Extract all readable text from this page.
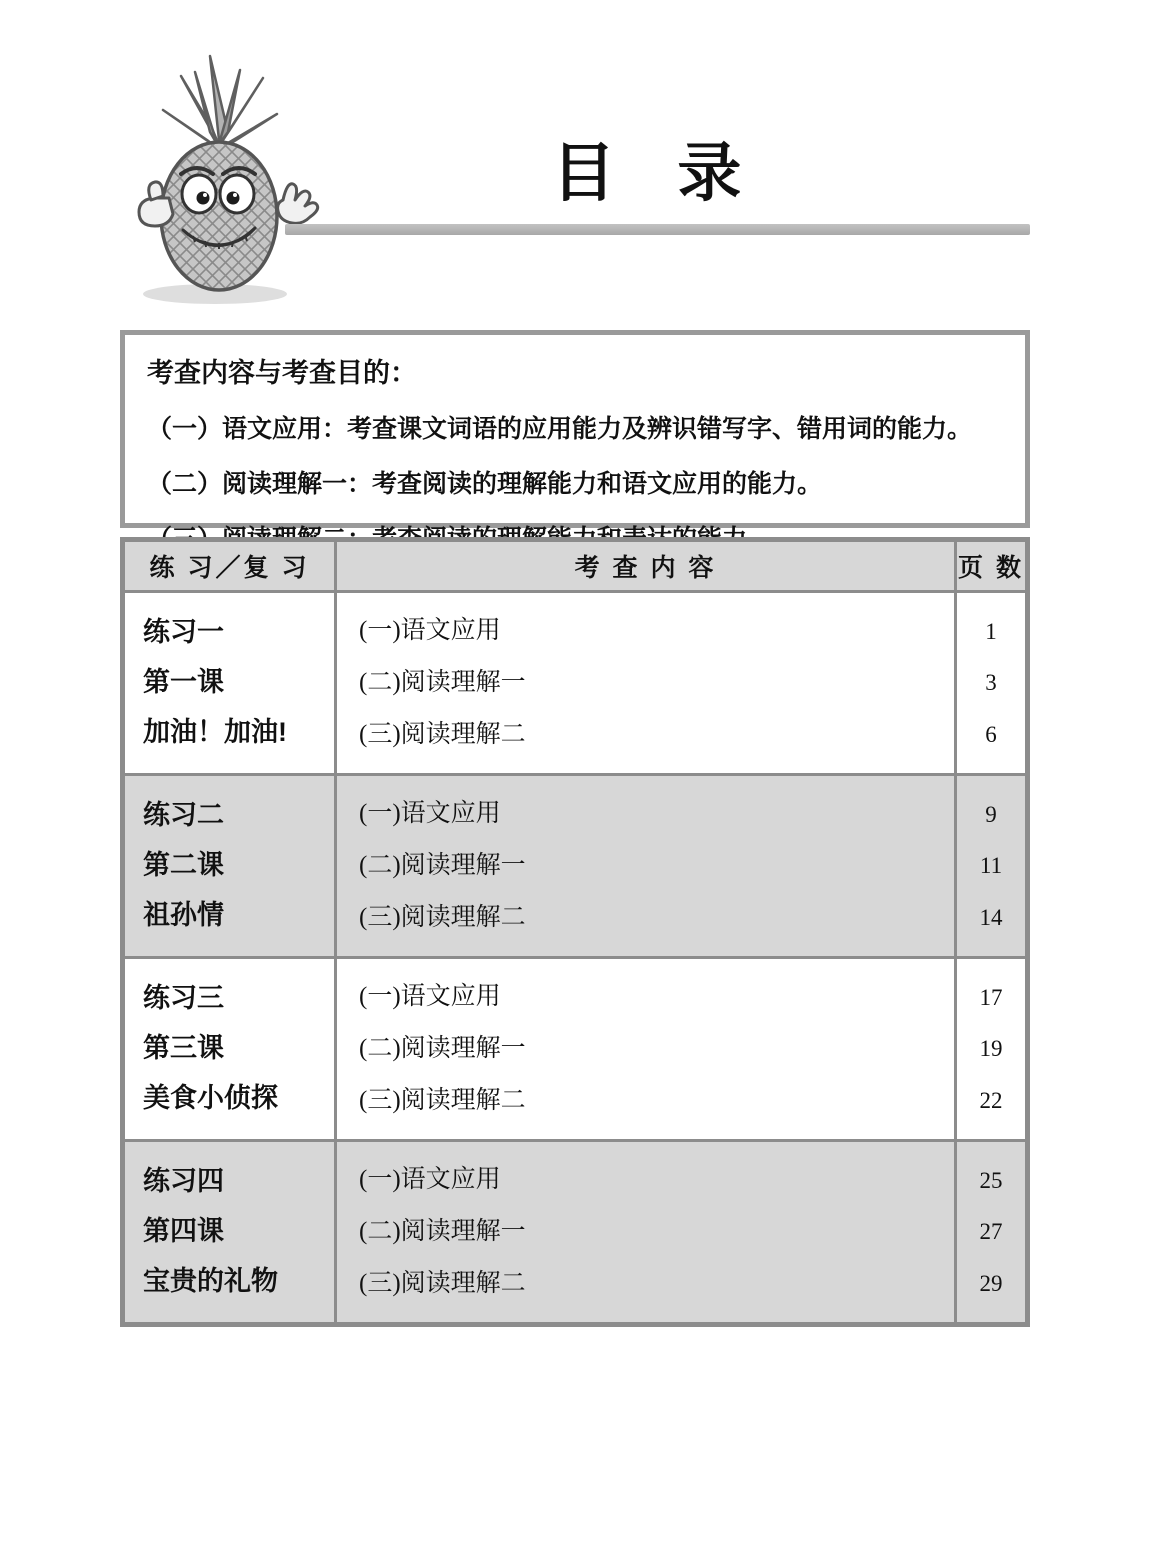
目 录
考查内容与考查目的：
（一）语文应用：考查课文词语的应用能力及辨识错写字、错用词的能力。
（二）阅读理解一：考查阅读的理解能力和语文应用的能力。
练 习／复 习	考 查 内 容	页 数
练习一
第一课
加油！加油!
(一)语文应用
(二)阅读理解一
(三)阅读理解二
1
3
6
练习二
第二课
祖孙情
(一)语文应用
(二)阅读理解一
(三)阅读理解二
9
11
14
练习三
第三课
美食小侦探
(一)语文应用
(二)阅读理解一
(三)阅读理解二
17
19
22
练习四
第四课
宝贵的礼物
(一)语文应用
(二)阅读理解一
(三)阅读理解二
25
27
29
